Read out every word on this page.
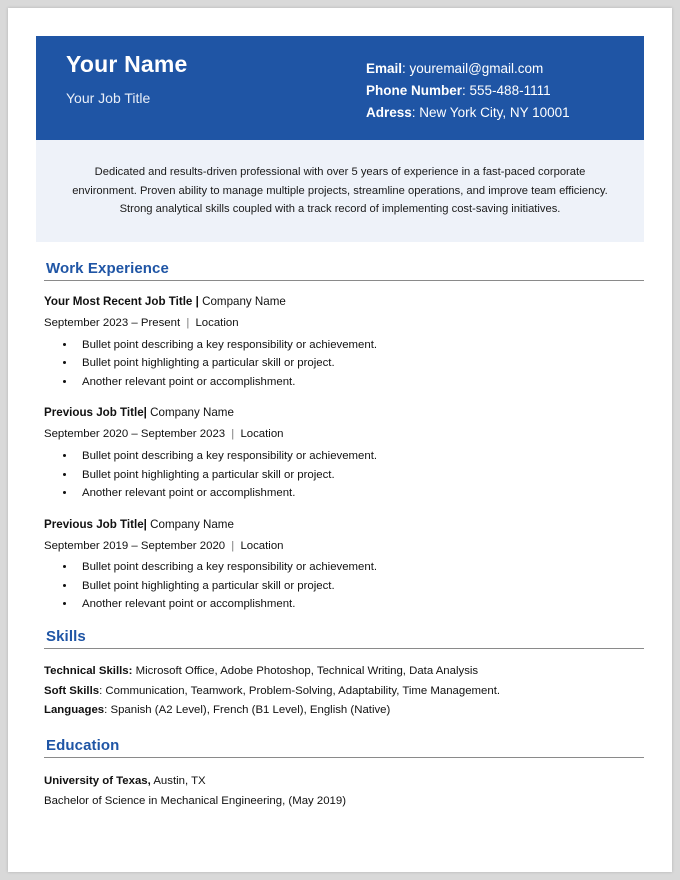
Your Name
Your Job Title
Email: youremail@gmail.com
Phone Number: 555-488-1111
Adress: New York City, NY 10001

Dedicated and results-driven professional with over 5 years of experience in a fast-paced corporate environment. Proven ability to manage multiple projects, streamline operations, and improve team efficiency. Strong analytical skills coupled with a track record of implementing cost-saving initiatives.

Work Experience
Your Most Recent Job Title | Company Name
September 2023 – Present | Location
• Bullet point describing a key responsibility or achievement.
• Bullet point highlighting a particular skill or project.
• Another relevant point or accomplishment.
Previous Job Title| Company Name
September 2020 – September 2023 | Location
• Bullet point describing a key responsibility or achievement.
• Bullet point highlighting a particular skill or project.
• Another relevant point or accomplishment.
Previous Job Title| Company Name
September 2019 – September 2020 | Location
• Bullet point describing a key responsibility or achievement.
• Bullet point highlighting a particular skill or project.
• Another relevant point or accomplishment.
Skills
Technical Skills: Microsoft Office, Adobe Photoshop, Technical Writing, Data Analysis
Soft Skills: Communication, Teamwork, Problem-Solving, Adaptability, Time Management.
Languages: Spanish (A2 Level), French (B1 Level), English (Native)
Education
University of Texas, Austin, TX
Bachelor of Science in Mechanical Engineering, (May 2019)
